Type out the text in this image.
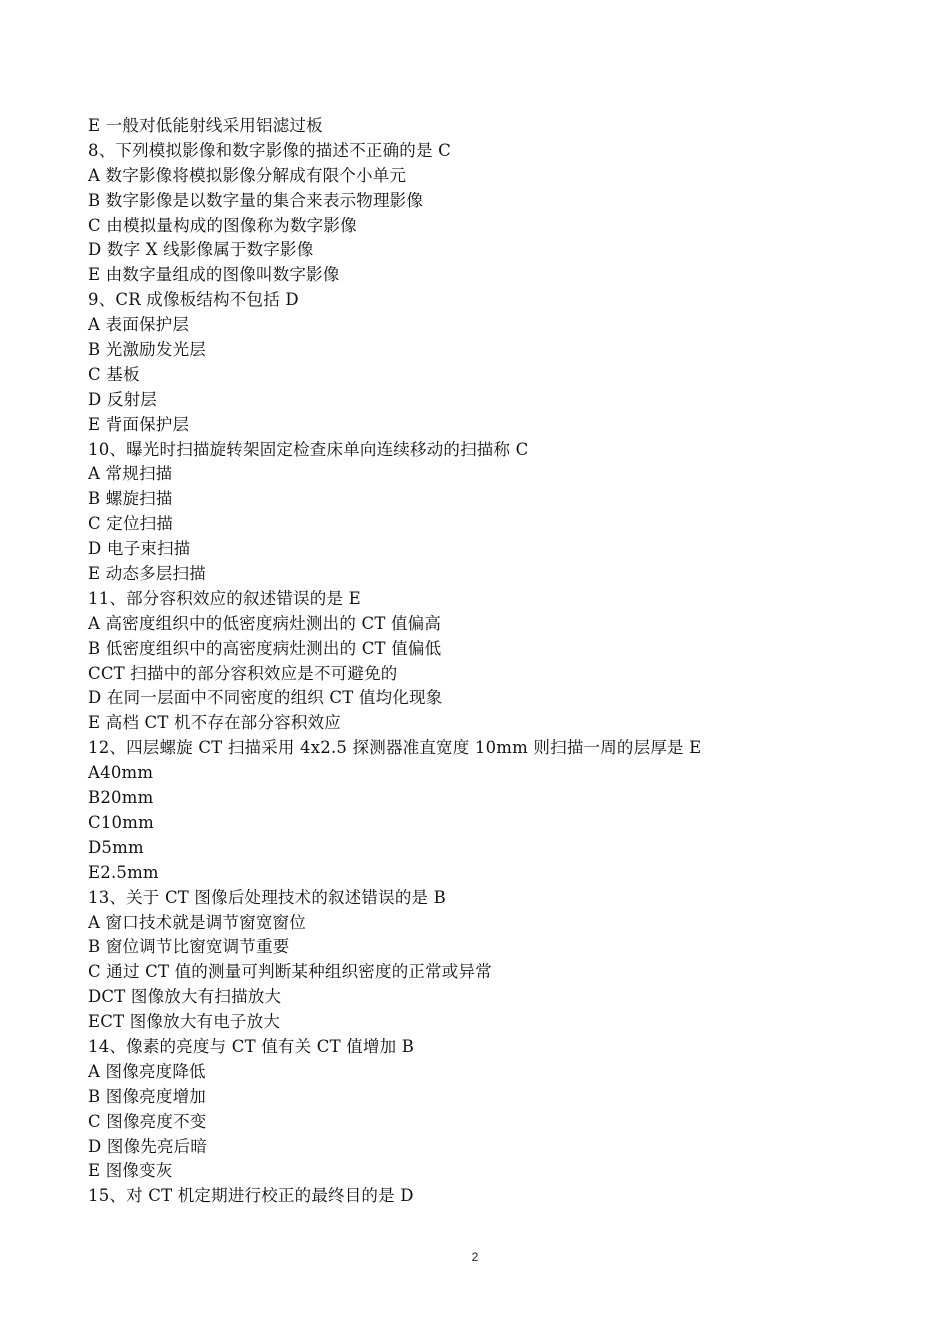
E 一般对低能射线采用铝滤过板
8、下列模拟影像和数字影像的描述不正确的是 C
A 数字影像将模拟影像分解成有限个小单元
B 数字影像是以数字量的集合来表示物理影像
C 由模拟量构成的图像称为数字影像
D 数字 X 线影像属于数字影像
E 由数字量组成的图像叫数字影像
9、CR 成像板结构不包括 D
A 表面保护层
B 光激励发光层
C 基板
D 反射层
E 背面保护层
10、曝光时扫描旋转架固定检查床单向连续移动的扫描称 C
A 常规扫描
B 螺旋扫描
C 定位扫描
D 电子束扫描
E 动态多层扫描
11、部分容积效应的叙述错误的是 E
A 高密度组织中的低密度病灶测出的 CT 值偏高
B 低密度组织中的高密度病灶测出的 CT 值偏低
CCT 扫描中的部分容积效应是不可避免的
D 在同一层面中不同密度的组织 CT 值均化现象
E 高档 CT 机不存在部分容积效应
12、四层螺旋 CT 扫描采用 4x2.5 探测器准直宽度 10mm 则扫描一周的层厚是 E
A40mm
B20mm
C10mm
D5mm
E2.5mm
13、关于 CT 图像后处理技术的叙述错误的是 B
A 窗口技术就是调节窗宽窗位
B 窗位调节比窗宽调节重要
C 通过 CT 值的测量可判断某种组织密度的正常或异常
DCT 图像放大有扫描放大
ECT 图像放大有电子放大
14、像素的亮度与 CT 值有关 CT 值增加 B
A 图像亮度降低
B 图像亮度增加
C 图像亮度不变
D 图像先亮后暗
E 图像变灰
15、对 CT 机定期进行校正的最终目的是 D
2
